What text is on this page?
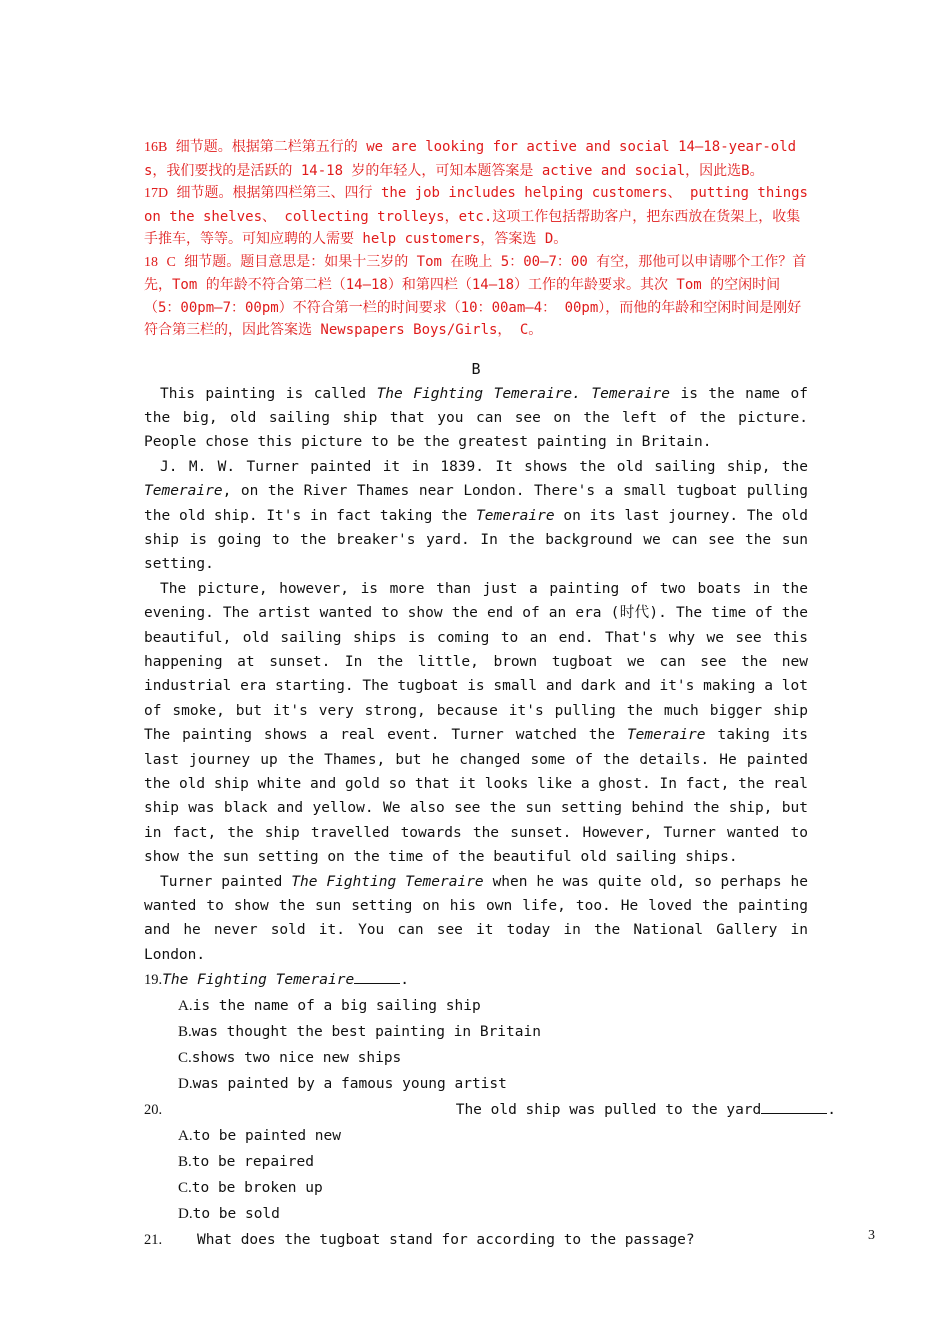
16B 细节题。根据第二栏第五行的 we are looking for active and social 14—18-year-olds，我们要找的是活跃的 14-18 岁的年轻人，可知本题答案是 active and social，因此选B。

17D 细节题。根据第四栏第三、四行 the job includes helping customers、 putting things on the shelves、 collecting trolleys，etc.这项工作包括帮助客户，把东西放在货架上，收集手推车，等等。可知应聘的人需要 help customers，答案选 D。

18 C 细节题。题目意思是：如果十三岁的 Tom 在晚上 5：00—7：00 有空，那他可以申请哪个工作？首先，Tom 的年龄不符合第二栏（14—18）和第四栏（14—18）工作的年龄要求。其次 Tom 的空闲时间（5：00pm—7：00pm）不符合第一栏的时间要求（10：00am—4： 00pm），而他的年龄和空闲时间是刚好符合第三栏的，因此答案选 Newspapers Boys/Girls， C。

B

This painting is called The Fighting Temeraire. Temeraire is the name of the big, old sailing ship that you can see on the left of the picture. People chose this picture to be the greatest painting in Britain.

J. M. W. Turner painted it in 1839. It shows the old sailing ship, the Temeraire, on the River Thames near London. There's a small tugboat pulling the old ship. It's in fact taking the Temeraire on its last journey. The old ship is going to the breaker's yard. In the background we can see the sun setting.

The picture, however, is more than just a painting of two boats in the evening. The artist wanted to show the end of an era (时代). The time of the beautiful, old sailing ships is coming to an end. That's why we see this happening at sunset. In the little, brown tugboat we can see the new industrial era starting. The tugboat is small and dark and it's making a lot of smoke, but it's very strong, because it's pulling the much bigger ship The painting shows a real event. Turner watched the Temeraire taking its last journey up the Thames, but he changed some of the details. He painted the old ship white and gold so that it looks like a ghost. In fact, the real ship was black and yellow. We also see the sun setting behind the ship, but in fact, the ship travelled towards the sunset. However, Turner wanted to show the sun setting on the time of the beautiful old sailing ships.

Turner painted The Fighting Temeraire when he was quite old, so perhaps he wanted to show the sun setting on his own life, too. He loved the painting and he never sold it. You can see it today in the National Gallery in London.

19.The Fighting Temeraire	.

A.is the name of a big sailing ship

B.was thought the best painting in Britain

C.shows two nice new ships

D.was painted by a famous young artist

20.	The old ship was pulled to the yard	.

A.to be painted new

B.to be repaired

C.to be broken up

D.to be sold

21. What does the tugboat stand for according to the passage?	3
